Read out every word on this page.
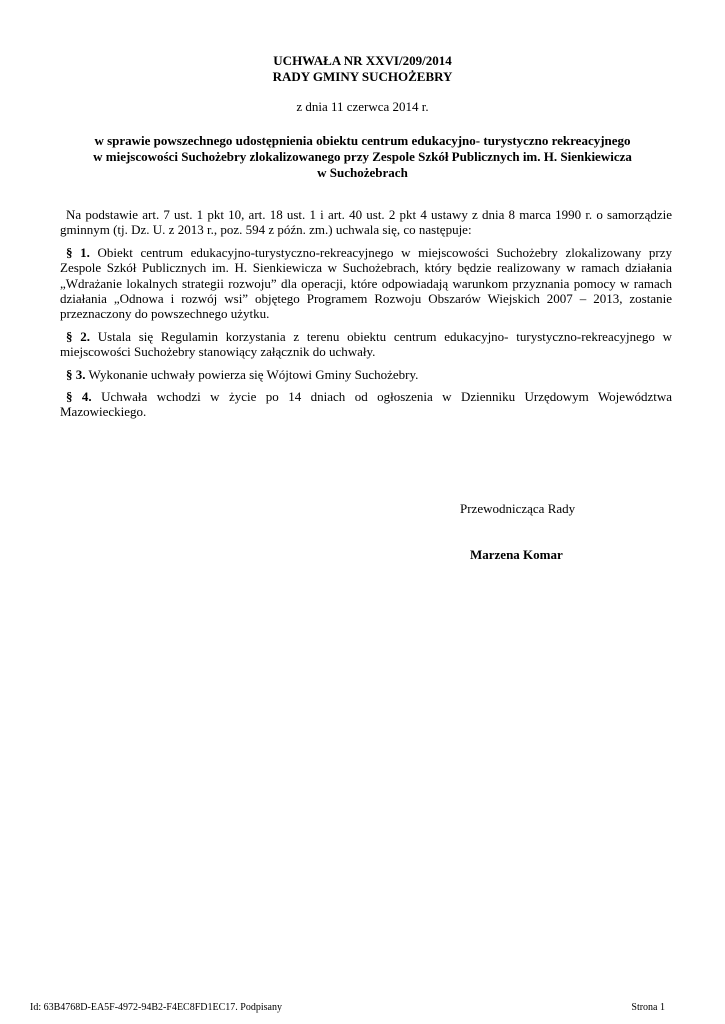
UCHWAŁA NR XXVI/209/2014

RADY GMINY SUCHOŻEBRY

z dnia 11 czerwca 2014 r.
w sprawie powszechnego udostępnienia obiektu centrum edukacyjno- turystyczno rekreacyjnego
w miejscowości Suchożebry zlokalizowanego przy Zespole Szkół Publicznych im. H. Sienkiewicza
w Suchożebrach

Na podstawie art. 7 ust. 1 pkt 10, art. 18 ust. 1 i art. 40 ust. 2 pkt 4 ustawy z dnia 8 marca 1990 r. o samorządzie gminnym (tj. Dz. U. z 2013 r., poz. 594 z późn. zm.) uchwala się, co następuje:

§ 1. Obiekt centrum edukacyjno-turystyczno-rekreacyjnego w miejscowości Suchożebry zlokalizowany przy Zespole Szkół Publicznych im. H. Sienkiewicza w Suchożebrach, który będzie realizowany w ramach działania „Wdrażanie lokalnych strategii rozwoju” dla operacji, które odpowiadają warunkom przyznania pomocy w ramach działania „Odnowa i rozwój wsi” objętego Programem Rozwoju Obszarów Wiejskich 2007 – 2013, zostanie przeznaczony do powszechnego użytku.

§ 2. Ustala się Regulamin korzystania z terenu obiektu centrum edukacyjno- turystyczno-rekreacyjnego w miejscowości Suchożebry stanowiący załącznik do uchwały.

§ 3. Wykonanie uchwały powierza się Wójtowi Gminy Suchożebry.

§ 4. Uchwała wchodzi w życie po 14 dniach od ogłoszenia w Dzienniku Urzędowym Województwa Mazowieckiego.

Przewodnicząca Rady
Marzena Komar
Id: 63B4768D-EA5F-4972-94B2-F4EC8FD1EC17. Podpisany	Strona 1
